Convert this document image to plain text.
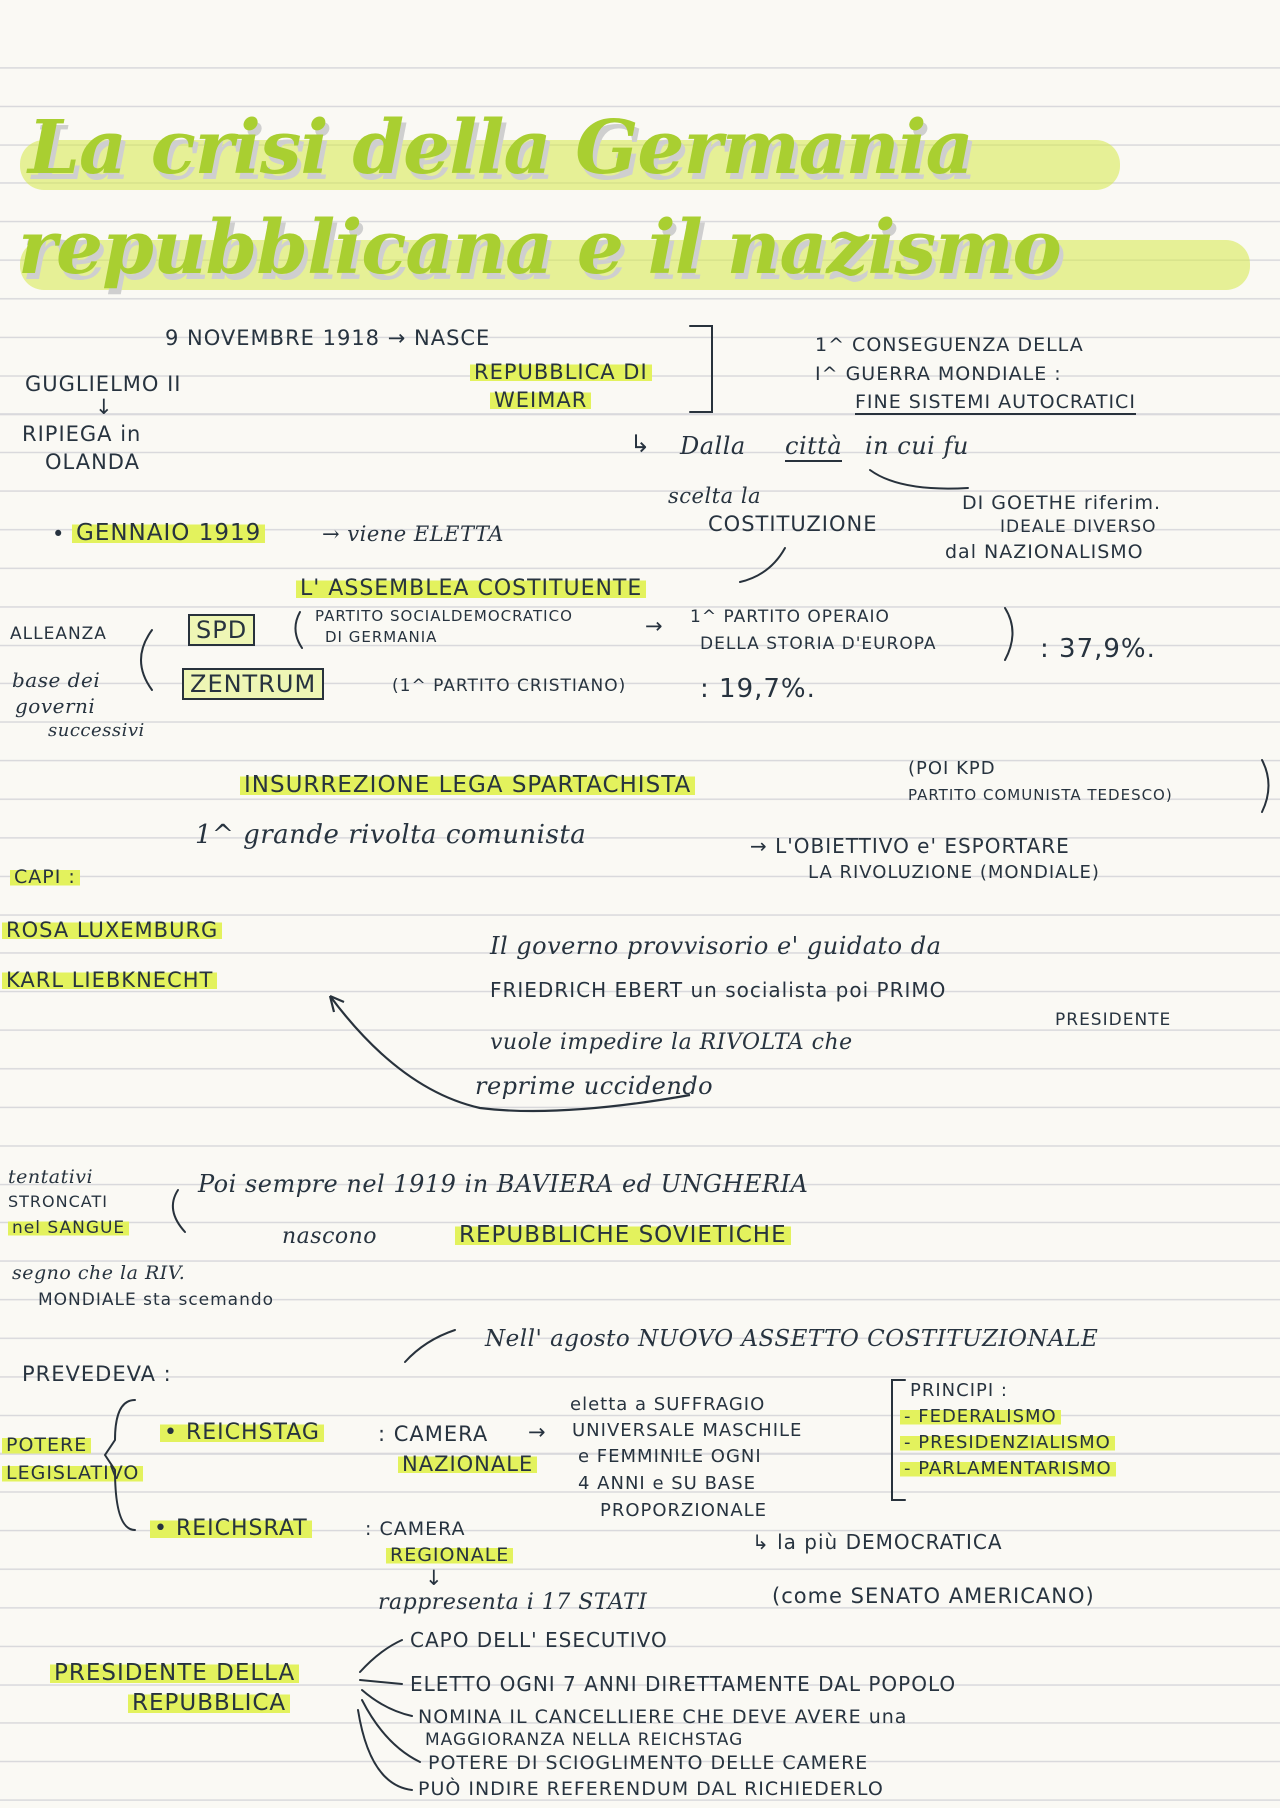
La crisi della Germania
repubblicana e il nazismo
9 NOVEMBRE 1918 → NASCE
REPUBBLICA DI
WEIMAR
GUGLIELMO II
↓
RIPIEGA in
OLANDA
1^ CONSEGUENZA DELLA
I^ GUERRA MONDIALE :
FINE SISTEMI AUTOCRATICI
↳ Dalla città in cui fu
scelta la
COSTITUZIONE
DI GOETHE riferim.
IDEALE DIVERSO
dal NAZIONALISMO
• GENNAIO 1919	→ viene ELETTA
L' ASSEMBLEA COSTITUENTE
ALLEANZA
base dei
governi
successivi
SPD	PARTITO SOCIALDEMOCRATICO
DI GERMANIA	→ 1^ PARTITO OPERAIO
DELLA STORIA D'EUROPA	: 37,9%.
ZENTRUM	(1^ PARTITO CRISTIANO)	: 19,7%.
INSURREZIONE LEGA SPARTACHISTA
(POI KPD
PARTITO COMUNISTA TEDESCO)
1^ grande rivolta comunista	→ L'OBIETTIVO e' ESPORTARE
LA RIVOLUZIONE (MONDIALE)
CAPI :
ROSA LUXEMBURG
KARL LIEBKNECHT
Il governo provvisorio e' guidato da
FRIEDRICH EBERT un socialista poi PRIMO
PRESIDENTE
vuole impedire la RIVOLTA che
reprime uccidendo
tentativi
STRONCATI
nel SANGUE
segno che la RIV.
MONDIALE sta scemando
Poi sempre nel 1919 in BAVIERA ed UNGHERIA
nascono	REPUBBLICHE SOVIETICHE
Nell' agosto NUOVO ASSETTO COSTITUZIONALE
PREVEDEVA :
POTERE
LEGISLATIVO
• REICHSTAG	: CAMERA
NAZIONALE
→
eletta a SUFFRAGIO
UNIVERSALE MASCHILE
e FEMMINILE OGNI
4 ANNI e SU BASE
PROPORZIONALE
PRINCIPI :
- FEDERALISMO
- PRESIDENZIALISMO
- PARLAMENTARISMO
↳ la più DEMOCRATICA
• REICHSRAT	: CAMERA
REGIONALE
↓
rappresenta i 17 STATI	(come SENATO AMERICANO)
PRESIDENTE DELLA
REPUBBLICA
CAPO DELL' ESECUTIVO
ELETTO OGNI 7 ANNI DIRETTAMENTE DAL POPOLO
NOMINA IL CANCELLIERE CHE DEVE AVERE una
MAGGIORANZA NELLA REICHSTAG
POTERE DI SCIOGLIMENTO DELLE CAMERE
PUÒ INDIRE REFERENDUM DAL RICHIEDERLO
